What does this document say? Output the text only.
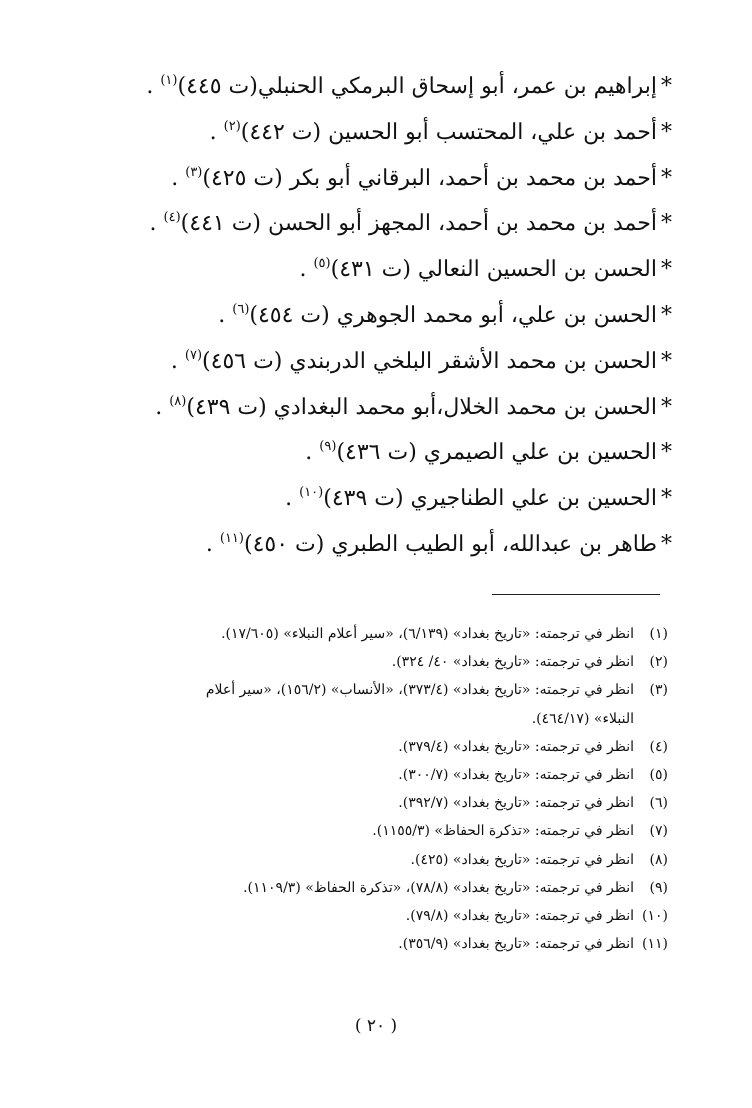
*إبراهيم بن عمر، أبو إسحاق البرمكي الحنبلي(ت ٤٤٥)$^{(١)}$ .
*أحمد بن علي، المحتسب أبو الحسين (ت ٤٤٢)$^{(٢)}$ .
*أحمد بن محمد بن أحمد، البرقاني أبو بكر (ت ٤٢٥)$^{(٣)}$ .
*أحمد بن محمد بن أحمد، المجهز أبو الحسن (ت ٤٤١)$^{(٤)}$ .
*الحسن بن الحسين النعالي (ت ٤٣١)$^{(٥)}$ .
*الحسن بن علي، أبو محمد الجوهري (ت ٤٥٤)$^{(٦)}$ .
*الحسن بن محمد الأشقر البلخي الدربندي (ت ٤٥٦)$^{(٧)}$ .
*الحسن بن محمد الخلال،أبو محمد البغدادي (ت ٤٣٩)$^{(٨)}$ .
*الحسين بن علي الصيمري (ت ٤٣٦)$^{(٩)}$ .
*الحسين بن علي الطناجيري (ت ٤٣٩)$^{(١٠)}$ .
*طاهر بن عبدالله، أبو الطيب الطبري (ت ٤٥٠)$^{(١١)}$ .
(١)انظر في ترجمته: «تاريخ بغداد» (٦/١٣٩)، «سير أعلام النبلاء» (١٧/٦٠٥).
(٢)انظر في ترجمته: «تاريخ بغداد» ٤٠/ ٣٢٤).
(٣)انظر في ترجمته: «تاريخ بغداد» (٣٧٣/٤)، «الأنساب» (١٥٦/٢)، «سير أعلام
النبلاء» (٤٦٤/١٧).
(٤)انظر في ترجمته: «تاريخ بغداد» (٣٧٩/٤).
(٥)انظر في ترجمته: «تاريخ بغداد» (٣٠٠/٧).
(٦)انظر في ترجمته: «تاريخ بغداد» (٣٩٢/٧).
(٧)انظر في ترجمته: «تذكرة الحفاظ» (١١٥٥/٣).
(٨)انظر في ترجمته: «تاريخ بغداد» (٤٢٥).
(٩)انظر في ترجمته: «تاريخ بغداد» (٧٨/٨)، «تذكرة الحفاظ» (١١٠٩/٣).
(١٠)انظر في ترجمته: «تاريخ بغداد» (٧٩/٨).
(١١)انظر في ترجمته: «تاريخ بغداد» (٣٥٦/٩).
( ٢٠ )
